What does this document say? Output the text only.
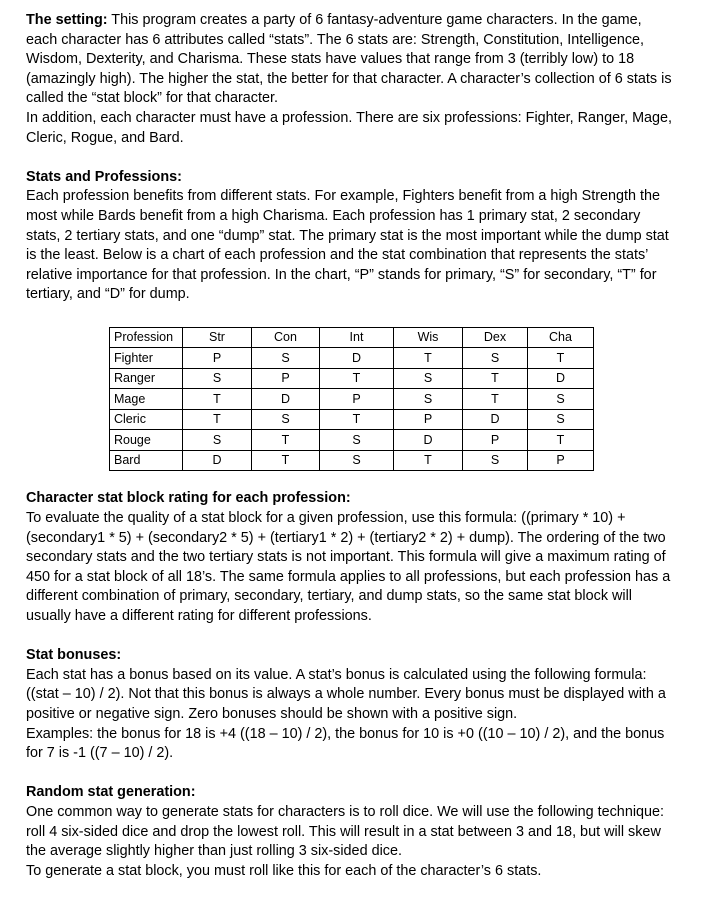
The setting: This program creates a party of 6 fantasy-adventure game characters. In the game, each character has 6 attributes called “stats”. The 6 stats are: Strength, Constitution, Intelligence, Wisdom, Dexterity, and Charisma. These stats have values that range from 3 (terribly low) to 18 (amazingly high). The higher the stat, the better for that character. A character’s collection of 6 stats is called the “stat block” for that character.

In addition, each character must have a profession. There are six professions: Fighter, Ranger, Mage, Cleric, Rogue, and Bard.

Stats and Professions:

Each profession benefits from different stats. For example, Fighters benefit from a high Strength the most while Bards benefit from a high Charisma. Each profession has 1 primary stat, 2 secondary stats, 2 tertiary stats, and one “dump” stat. The primary stat is the most important while the dump stat is the least. Below is a chart of each profession and the stat combination that represents the stats’ relative importance for that profession. In the chart, “P” stands for primary, “S” for secondary, “T” for tertiary, and “D” for dump.

Profession	Str	Con	Int	Wis	Dex	Cha
Fighter	P	S	D	T	S	T
Ranger	S	P	T	S	T	D
Mage	T	D	P	S	T	S
Cleric	T	S	T	P	D	S
Rouge	S	T	S	D	P	T
Bard	D	T	S	T	S	P

Character stat block rating for each profession:

To evaluate the quality of a stat block for a given profession, use this formula: ((primary * 10) + (secondary1 * 5) + (secondary2 * 5) + (tertiary1 * 2) + (tertiary2 * 2) + dump). The ordering of the two secondary stats and the two tertiary stats is not important. This formula will give a maximum rating of 450 for a stat block of all 18’s. The same formula applies to all professions, but each profession has a different combination of primary, secondary, tertiary, and dump stats, so the same stat block will usually have a different rating for different professions.

Stat bonuses:

Each stat has a bonus based on its value. A stat’s bonus is calculated using the following formula: ((stat – 10) / 2). Not that this bonus is always a whole number. Every bonus must be displayed with a positive or negative sign. Zero bonuses should be shown with a positive sign.

Examples: the bonus for 18 is +4 ((18 – 10) / 2), the bonus for 10 is +0 ((10 – 10) / 2), and the bonus for 7 is -1 ((7 – 10) / 2).

Random stat generation:

One common way to generate stats for characters is to roll dice. We will use the following technique: roll 4 six-sided dice and drop the lowest roll. This will result in a stat between 3 and 18, but will skew the average slightly higher than just rolling 3 six-sided dice.

To generate a stat block, you must roll like this for each of the character’s 6 stats.
